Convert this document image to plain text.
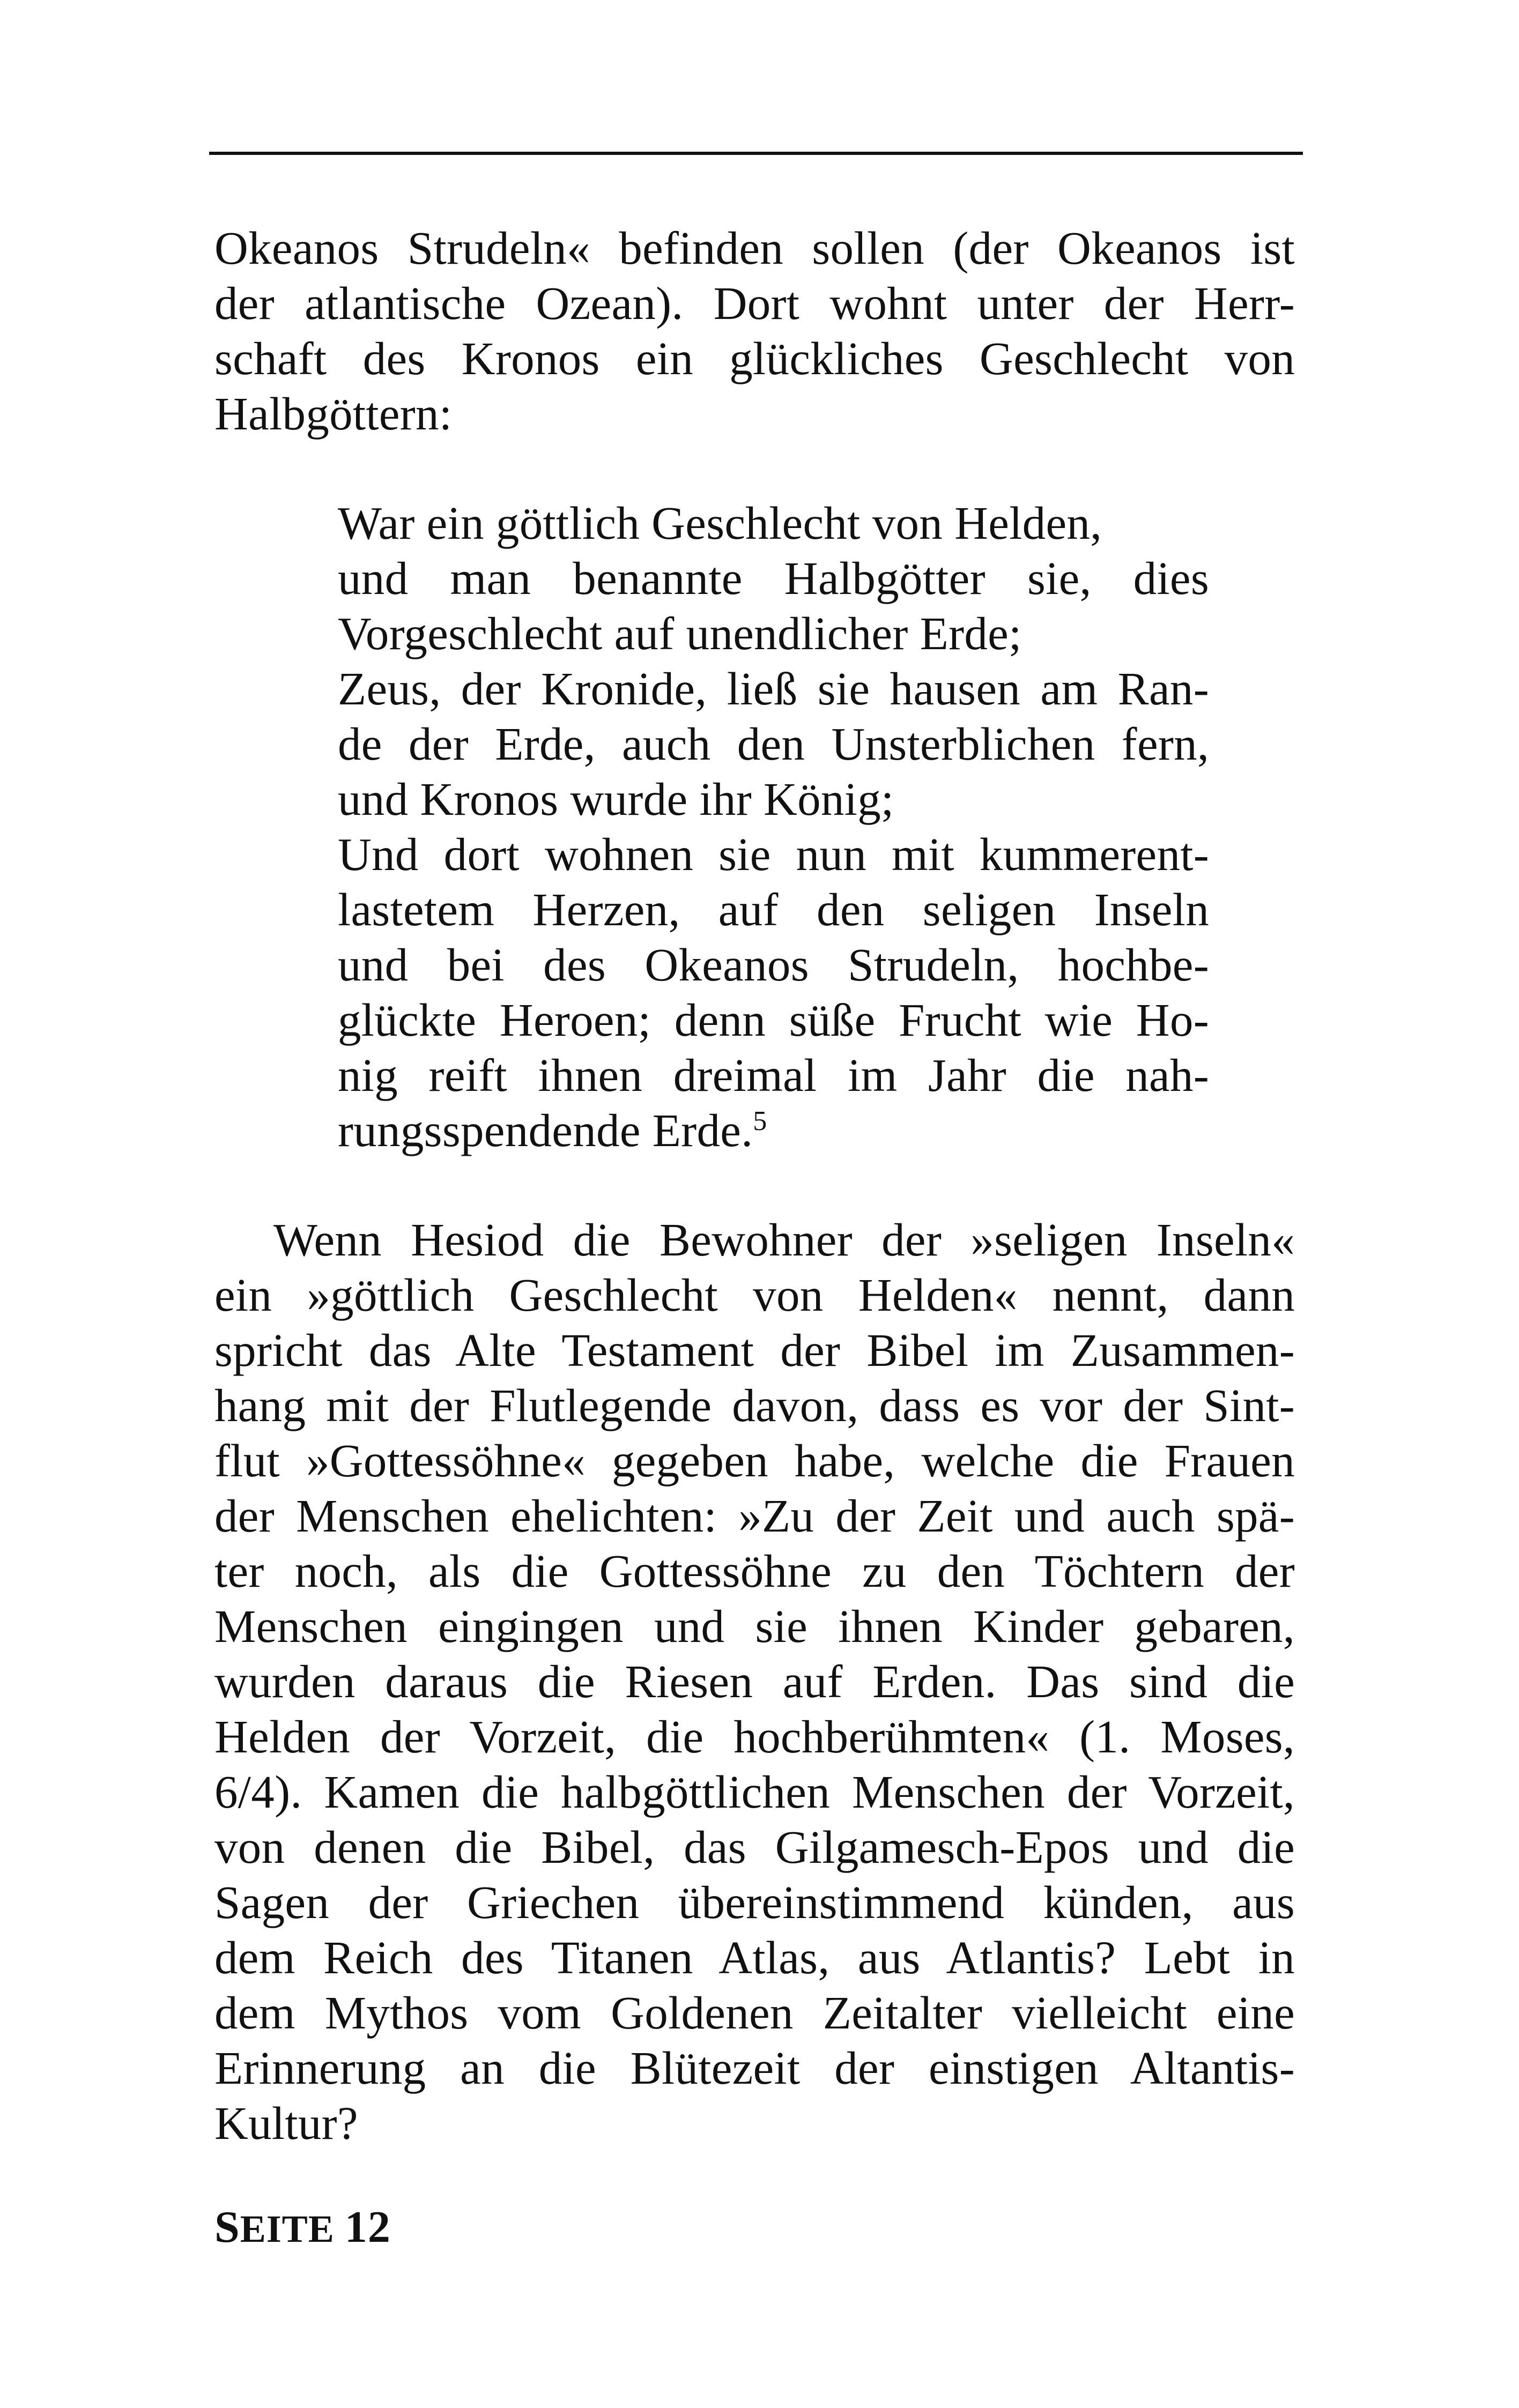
Okeanos Strudeln« befinden sollen (der Okeanos ist
der atlantische Ozean). Dort wohnt unter der Herr-
schaft des Kronos ein glückliches Geschlecht von
Halbgöttern:
War ein göttlich Geschlecht von Helden,
und man benannte Halbgötter sie, dies
Vorgeschlecht auf unendlicher Erde;
Zeus, der Kronide, ließ sie hausen am Ran-
de der Erde, auch den Unsterblichen fern,
und Kronos wurde ihr König;
Und dort wohnen sie nun mit kummerent-
lastetem Herzen, auf den seligen Inseln
und bei des Okeanos Strudeln, hochbe-
glückte Heroen; denn süße Frucht wie Ho-
nig reift ihnen dreimal im Jahr die nah-
rungsspendende Erde.$^5$
Wenn Hesiod die Bewohner der »seligen Inseln«
ein »göttlich Geschlecht von Helden« nennt, dann
spricht das Alte Testament der Bibel im Zusammen-
hang mit der Flutlegende davon, dass es vor der Sint-
flut »Gottessöhne« gegeben habe, welche die Frauen
der Menschen ehelichten: »Zu der Zeit und auch spä-
ter noch, als die Gottessöhne zu den Töchtern der
Menschen eingingen und sie ihnen Kinder gebaren,
wurden daraus die Riesen auf Erden. Das sind die
Helden der Vorzeit, die hochberühmten« (1. Moses,
6/4). Kamen die halbgöttlichen Menschen der Vorzeit,
von denen die Bibel, das Gilgamesch-Epos und die
Sagen der Griechen übereinstimmend künden, aus
dem Reich des Titanen Atlas, aus Atlantis? Lebt in
dem Mythos vom Goldenen Zeitalter vielleicht eine
Erinnerung an die Blütezeit der einstigen Altantis-
Kultur?
SEITE 12
